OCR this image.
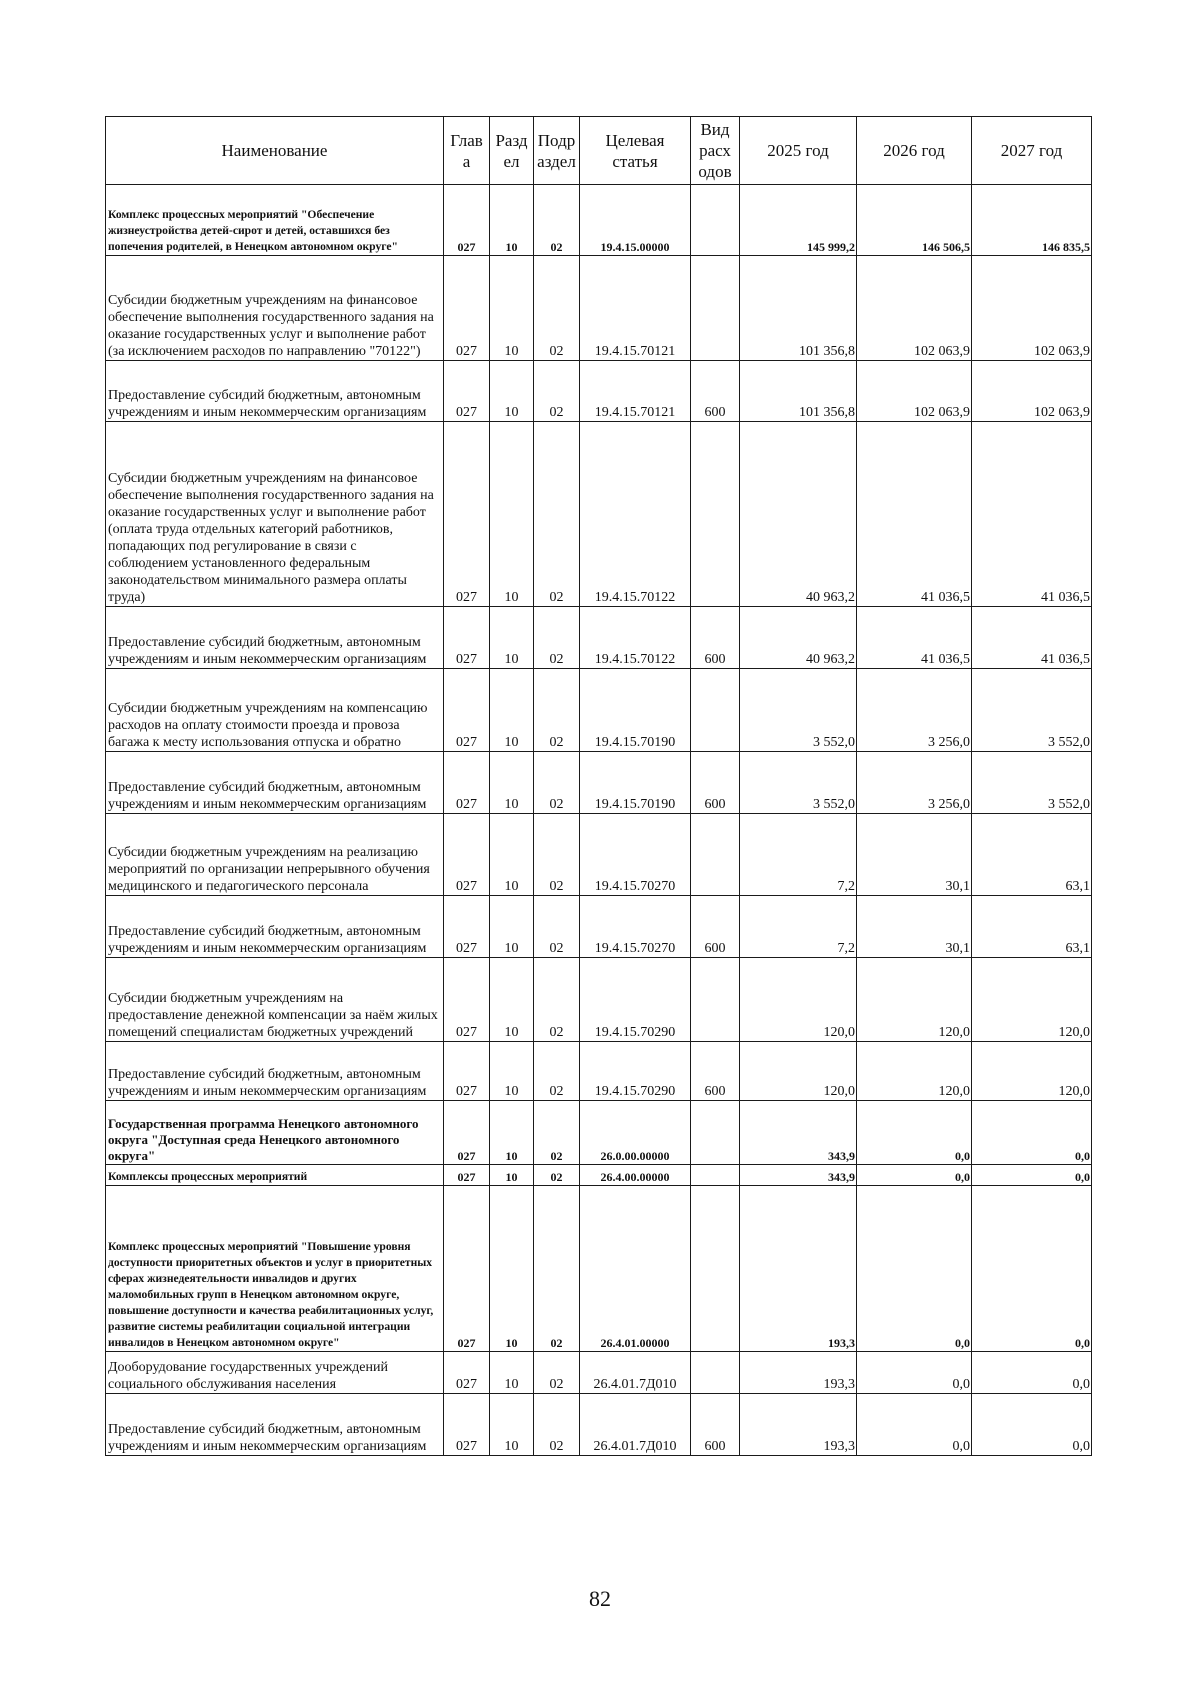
Наименование	Глав а	Разд ел	Подр аздел	Целевая статья	Вид расх одов	2025 год	2026 год	2027 год
Комплекс процессных мероприятий "Обеспечение жизнеустройства детей-сирот и детей, оставшихся без попечения родителей, в Ненецком автономном округе"	027	10	02	19.4.15.00000		145 999,2	146 506,5	146 835,5
Субсидии бюджетным учреждениям на финансовое обеспечение выполнения государственного задания на оказание государственных услуг и выполнение работ (за исключением расходов по направлению "70122")	027	10	02	19.4.15.70121		101 356,8	102 063,9	102 063,9
Предоставление субсидий бюджетным, автономным учреждениям и иным некоммерческим организациям	027	10	02	19.4.15.70121	600	101 356,8	102 063,9	102 063,9
Субсидии бюджетным учреждениям на финансовое обеспечение выполнения государственного задания на оказание государственных услуг и выполнение работ (оплата труда отдельных категорий работников, попадающих под регулирование в связи с соблюдением установленного федеральным законодательством минимального размера оплаты труда)	027	10	02	19.4.15.70122		40 963,2	41 036,5	41 036,5
Предоставление субсидий бюджетным, автономным учреждениям и иным некоммерческим организациям	027	10	02	19.4.15.70122	600	40 963,2	41 036,5	41 036,5
Субсидии бюджетным учреждениям на компенсацию расходов на оплату стоимости проезда и провоза багажа к месту использования отпуска и обратно	027	10	02	19.4.15.70190		3 552,0	3 256,0	3 552,0
Предоставление субсидий бюджетным, автономным учреждениям и иным некоммерческим организациям	027	10	02	19.4.15.70190	600	3 552,0	3 256,0	3 552,0
Субсидии бюджетным учреждениям на реализацию мероприятий по организации непрерывного обучения медицинского и педагогического персонала	027	10	02	19.4.15.70270		7,2	30,1	63,1
Предоставление субсидий бюджетным, автономным учреждениям и иным некоммерческим организациям	027	10	02	19.4.15.70270	600	7,2	30,1	63,1
Субсидии бюджетным учреждениям на предоставление денежной компенсации за наём жилых помещений специалистам бюджетных учреждений	027	10	02	19.4.15.70290		120,0	120,0	120,0
Предоставление субсидий бюджетным, автономным учреждениям и иным некоммерческим организациям	027	10	02	19.4.15.70290	600	120,0	120,0	120,0
Государственная программа Ненецкого автономного округа "Доступная среда Ненецкого автономного округа"	027	10	02	26.0.00.00000		343,9	0,0	0,0
Комплексы процессных мероприятий	027	10	02	26.4.00.00000		343,9	0,0	0,0
Комплекс процессных мероприятий "Повышение уровня доступности приоритетных объектов и услуг в приоритетных сферах жизнедеятельности инвалидов и других маломобильных групп в Ненецком автономном округе, повышение доступности и качества реабилитационных услуг, развитие системы реабилитации социальной интеграции инвалидов в Ненецком автономном округе"	027	10	02	26.4.01.00000		193,3	0,0	0,0
Дооборудование государственных учреждений социального обслуживания населения	027	10	02	26.4.01.7Д010		193,3	0,0	0,0
Предоставление субсидий бюджетным, автономным учреждениям и иным некоммерческим организациям	027	10	02	26.4.01.7Д010	600	193,3	0,0	0,0
82
